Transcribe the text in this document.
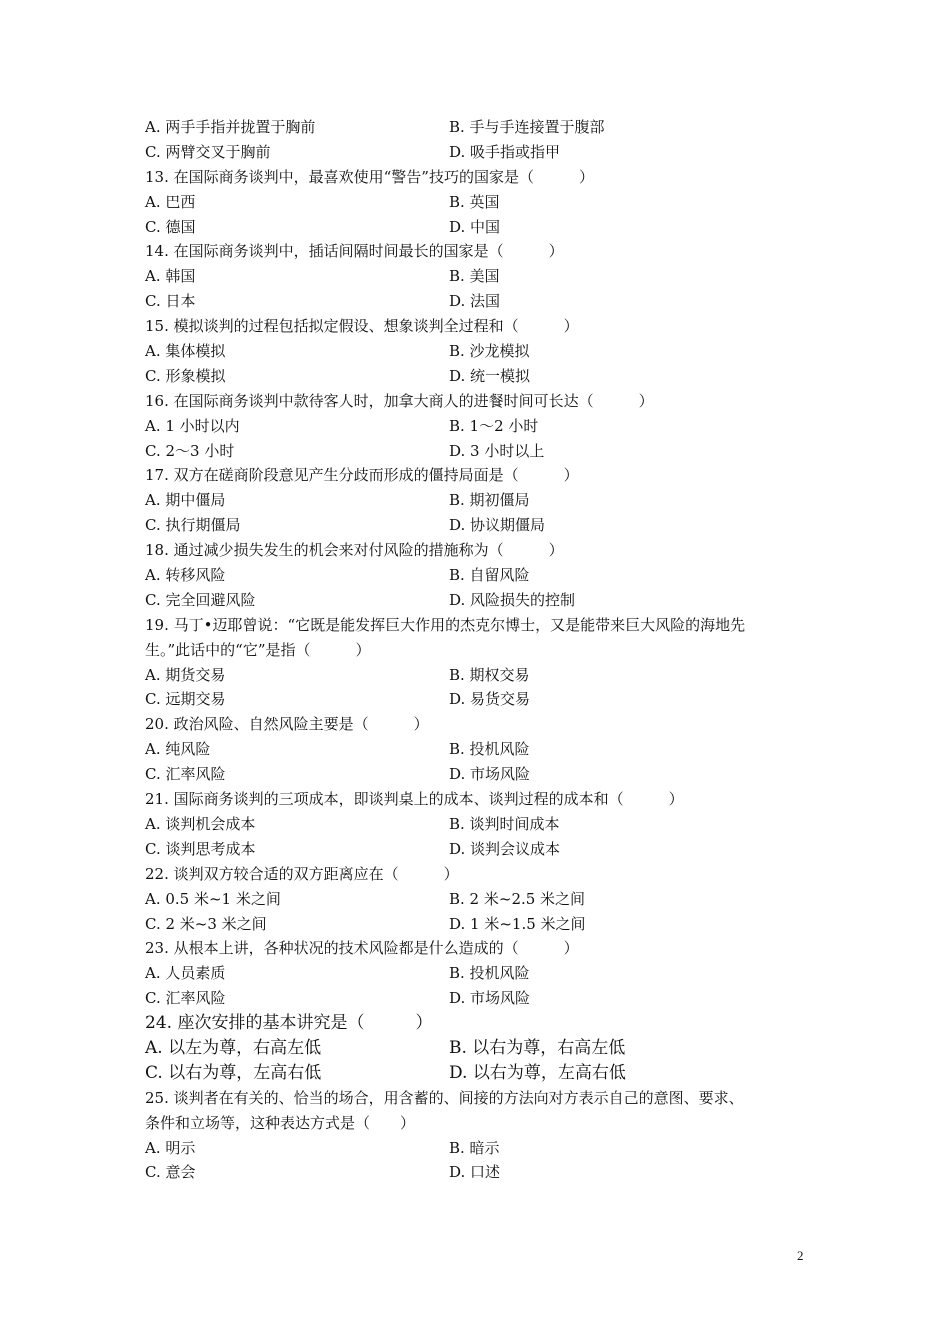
A. 两手手指并拢置于胸前	B. 手与手连接置于腹部
C. 两臂交叉于胸前	D. 吸手指或指甲
13. 在国际商务谈判中，最喜欢使用“警告”技巧的国家是（　　　）
A. 巴西	B. 英国
C. 德国	D. 中国
14. 在国际商务谈判中，插话间隔时间最长的国家是（　　　）
A. 韩国	B. 美国
C. 日本	D. 法国
15. 模拟谈判的过程包括拟定假设、想象谈判全过程和（　　　）
A. 集体模拟	B. 沙龙模拟
C. 形象模拟	D. 统一模拟
16. 在国际商务谈判中款待客人时，加拿大商人的进餐时间可长达（　　　）
A. 1 小时以内	B. 1～2 小时
C. 2～3 小时	D. 3 小时以上
17. 双方在磋商阶段意见产生分歧而形成的僵持局面是（　　　）
A. 期中僵局	B. 期初僵局
C. 执行期僵局	D. 协议期僵局
18. 通过减少损失发生的机会来对付风险的措施称为（　　　）
A. 转移风险	B. 自留风险
C. 完全回避风险	D. 风险损失的控制
19. 马丁•迈耶曾说：“它既是能发挥巨大作用的杰克尔博士，又是能带来巨大风险的海地先
生。”此话中的“它”是指（　　　）
A. 期货交易	B. 期权交易
C. 远期交易	D. 易货交易
20. 政治风险、自然风险主要是（　　　）
A. 纯风险	B. 投机风险
C. 汇率风险	D. 市场风险
21. 国际商务谈判的三项成本，即谈判桌上的成本、谈判过程的成本和（　　　）
A. 谈判机会成本	B. 谈判时间成本
C. 谈判思考成本	D. 谈判会议成本
22. 谈判双方较合适的双方距离应在（　　　）
A. 0.5 米~1 米之间	B. 2 米~2.5 米之间
C. 2 米~3 米之间	D. 1 米~1.5 米之间
23. 从根本上讲，各种状况的技术风险都是什么造成的（　　　）
A. 人员素质	B. 投机风险
C. 汇率风险	D. 市场风险
24. 座次安排的基本讲究是（　　　）
A. 以左为尊，右高左低	B. 以右为尊，右高左低
C. 以右为尊，左高右低	D. 以右为尊，左高右低
25. 谈判者在有关的、恰当的场合，用含蓄的、间接的方法向对方表示自己的意图、要求、
条件和立场等，这种表达方式是（　　）
A. 明示	B. 暗示
C. 意会	D. 口述
2
